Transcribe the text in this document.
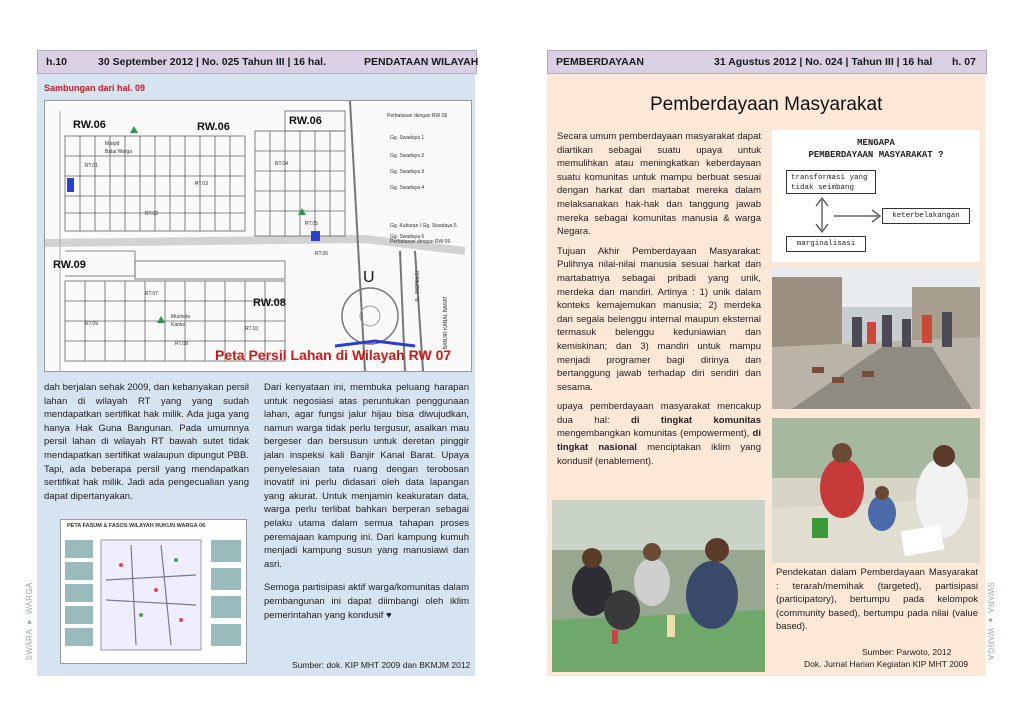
h.10	30 September 2012 | No. 025 Tahun III | 16 hal.	PENDATAAN WILAYAH	PEMBERDAYAAN	31 Agustus 2012 | No. 024 | Tahun III | 16 hal h. 07
Sambungan dari hal. 09
RW.06	RW.06	RW.06
RW.09
RW.08
U
BANJIR KANAL BARAT
JL. INSPEKSI
RT.01
RT.02
RT.03
RT.04
RT.05
RT.06
RT.07
RT.08
RT.09
RT.10
Perbatasan dengan RW 05
Gg. Swadaya 1
Gg. Swadaya 2
Gg. Swadaya 3
Gg. Swadaya 4
Gg. Kuburan / Gg. Swadaya 5
Gg. Swadaya 6
Perbatasan dengan RW 09
Masjid
Balai Warga
Mushola
Kantor
Peta Persil Lahan di Wilayah RW 07

dah berjalan sehak 2009, dan kebanyakan persil lahan di wilayah RT yang yang sudah mendapatkan sertifikat hak milik. Ada juga yang hanya Hak Guna Bangunan. Pada umumnya persil lahan di wilayah RT bawah sutet tidak mendapatkan sertifikat walaupun dipungut PBB. Tapi, ada beberapa persil yang mendapatkan sertifikat hak milik. Jadi ada pengecualian yang dapat dipertanyakan.

PETA FASUM & FASOS WILAYAH RUKUN WARGA 06

Dari kenyataan ini, membuka peluang harapan untuk negosiasi atas peruntukan penggunaan lahan, agar fungsi jalur hijau bisa diwujudkan, namun warga tidak perlu tergusur, asalkan mau bergeser dan bersusun untuk deretan pinggir jalan inspeksi kali Banjir Kanal Barat. Upaya penyelesaian tata ruang dengan terobosan inovatif ini perlu didasari oleh data lapangan yang akurat. Untuk menjamin keakuratan data, warga perlu terlibat bahkan berperan sebagai pelaku utama dalam semua tahapan proses peremajaan kampung ini. Dari kampung kumuh menjadi kampung susun yang manusiawi dan asri.

Semoga partisipasi aktif warga/komunitas dalam pembangunan ini dapat diimbangi oleh iklim pemerintahan yang kondusif ♥

Sumber: dok. KIP MHT 2009 dan BKMJM 2012
SWARA ♥ WARGA
Pemberdayaan Masyarakat

Secara umum pemberdayaan masyarakat dapat diartikan sebagai suatu upaya untuk memulihkan atau meningkatkan keberdayaan suatu komunitas untuk mampu berbuat sesuai dengan harkat dan martabat mereka dalam melaksanakan hak-hak dan tanggung jawab mereka sebagai komunitas manusia & warga Negara.

Tujuan Akhir Pemberdayaan Masyarakat: Pulihnya nilai-nilai manusia sesuai harkat dan martabatnya sebagai pribadi yang unik, merdeka dan mandiri. Artinya : 1) unik dalam konteks kemajemukan manusia; 2) merdeka dari segala belenggu internal maupun eksternal termasuk belenggu keduniawian dan kemiskinan; dan 3) mandiri untuk mampu menjadi programer bagi dirinya dan bertanggung jawab terhadap diri sendiri dan sesama.

upaya pemberdayaan masyarakat mencakup dua hal: di tingkat komunitas mengembangkan komunitas (empowerment), di tingkat nasional menciptakan iklim yang kondusif (enablement).

MENGAPA
PEMBERDAYAAN MASYARAKAT ?
transformasi yang tidak seimbang
keterbelakangan
marginalisasi

Pendekatan dalam Pemberdayaan Masyarakat : terarah/memihak (targeted), partisipasi (participatory), bertumpu pada kelompok (community based), bertumpu pada nilai (value based).

Sumber: Parwoto, 2012
Dok. Jurnal Harian Kegiatan KIP MHT 2009
SWARA ♥ WARGA
